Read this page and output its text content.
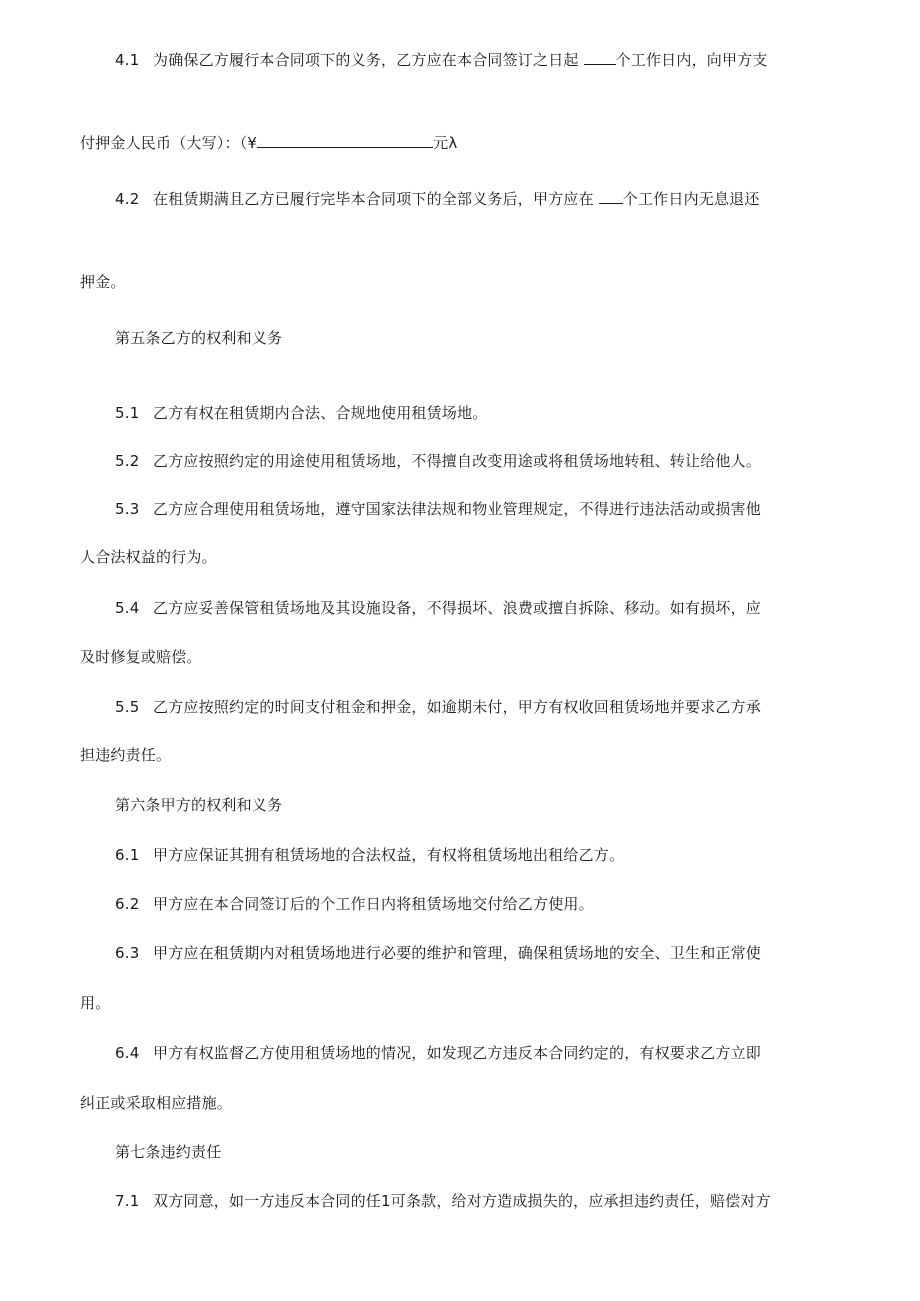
4.1 为确保乙方履行本合同项下的义务，乙方应在本合同签订之日起 个工作日内，向甲方支
付押金人民币（大写）：（¥	元λ
4.2 在租赁期满且乙方已履行完毕本合同项下的全部义务后，甲方应在 个工作日内无息退还
押金。
第五条乙方的权利和义务
5.1 乙方有权在租赁期内合法、合规地使用租赁场地。
5.2 乙方应按照约定的用途使用租赁场地，不得擅自改变用途或将租赁场地转租、转让给他人。
5.3 乙方应合理使用租赁场地，遵守国家法律法规和物业管理规定，不得进行违法活动或损害他
人合法权益的行为。
5.4 乙方应妥善保管租赁场地及其设施设备，不得损坏、浪费或擅自拆除、移动。如有损坏，应
及时修复或赔偿。
5.5 乙方应按照约定的时间支付租金和押金，如逾期未付，甲方有权收回租赁场地并要求乙方承
担违约责任。
第六条甲方的权利和义务
6.1 甲方应保证其拥有租赁场地的合法权益，有权将租赁场地出租给乙方。
6.2 甲方应在本合同签订后的个工作日内将租赁场地交付给乙方使用。
6.3 甲方应在租赁期内对租赁场地进行必要的维护和管理，确保租赁场地的安全、卫生和正常使
用。
6.4 甲方有权监督乙方使用租赁场地的情况，如发现乙方违反本合同约定的，有权要求乙方立即
纠正或采取相应措施。
第七条违约责任
7.1 双方同意，如一方违反本合同的任1可条款，给对方造成损失的，应承担违约责任，赔偿对方
